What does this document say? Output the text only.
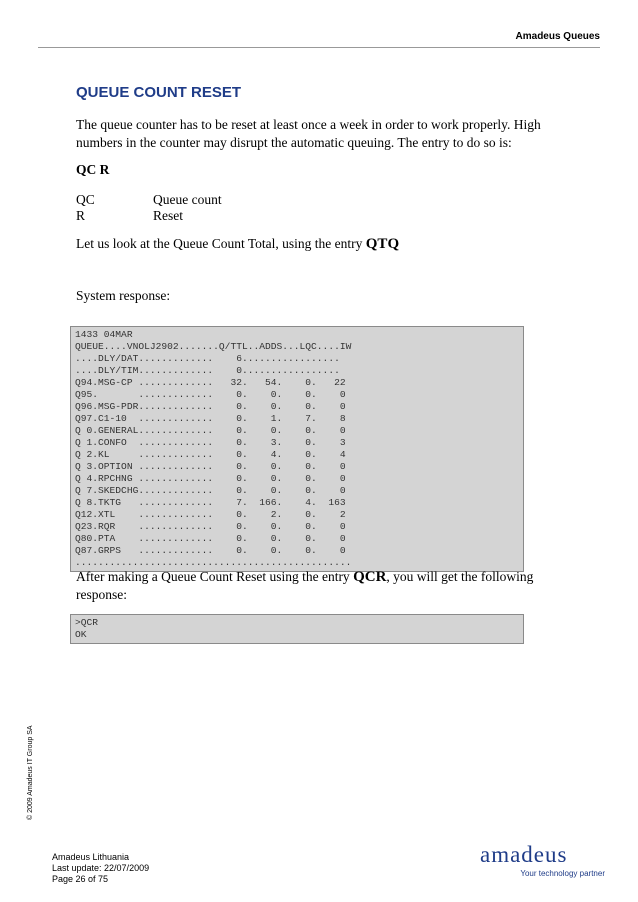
Amadeus Queues
QUEUE COUNT RESET
The queue counter has to be reset at least once a week in order to work properly. High numbers in the counter may disrupt the automatic queuing. The entry to do so is:
QC R
QC	Queue count
R	Reset
Let us look at the Queue Count Total, using the entry QTQ
System response:
1433 04MAR
QUEUE....VNOLJ2902.......Q/TTL..ADDS...LQC....IW
....DLY/DAT.............    6.................
....DLY/TIM.............    0.................
Q94.MSG-CP .............   32.   54.    0.   22
Q95.       .............    0.    0.    0.    0
Q96.MSG-PDR.............    0.    0.    0.    0
Q97.C1-10  .............    0.    1.    7.    8
Q 0.GENERAL.............    0.    0.    0.    0
Q 1.CONFO  .............    0.    3.    0.    3
Q 2.KL     .............    0.    4.    0.    4
Q 3.OPTION .............    0.    0.    0.    0
Q 4.RPCHNG .............    0.    0.    0.    0
Q 7.SKEDCHG.............    0.    0.    0.    0
Q 8.TKTG   .............    7.  166.    4.  163
Q12.XTL    .............    0.    2.    0.    2
Q23.RQR    .............    0.    0.    0.    0
Q80.PTA    .............    0.    0.    0.    0
Q87.GRPS   .............    0.    0.    0.    0
................................................
After making a Queue Count Reset using the entry QCR, you will get the following response:
>QCR
OK
© 2009 Amadeus IT Group SA
Amadeus Lithuania
Last update: 22/07/2009
Page 26 of 75
amadeus
Your technology partner
